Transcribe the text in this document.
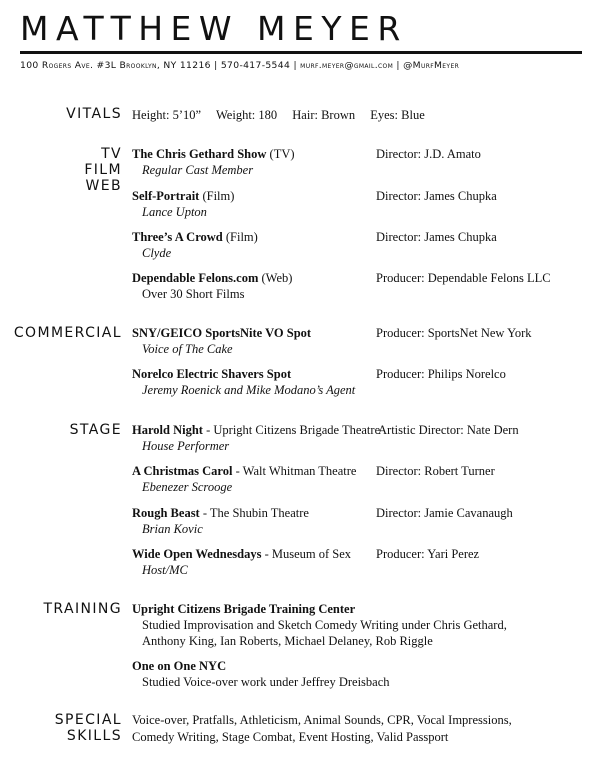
MATTHEW MEYER
100 Rogers Ave. #3L Brooklyn, NY 11216 | 570-417-5544 | murf.meyer@gmail.com | @MurfMeyer
VITALS Height: 5’10” Weight: 180 Hair: Brown Eyes: Blue
TV
FILM
WEB
The Chris Gethard Show (TV)
Regular Cast Member
Director: J.D. Amato
Self-Portrait (Film)
Lance Upton
Director: James Chupka
Three’s A Crowd (Film)
Clyde
Director: James Chupka
Dependable Felons.com (Web)
Over 30 Short Films
Producer: Dependable Felons LLC
COMMERCIAL SNY/GEICO SportsNite VO Spot
Voice of The Cake
Producer: SportsNet New York
Norelco Electric Shavers Spot
Jeremy Roenick and Mike Modano’s Agent
Producer: Philips Norelco
STAGE Harold Night - Upright Citizens Brigade Theatre
House Performer
Artistic Director: Nate Dern
A Christmas Carol - Walt Whitman Theatre
Ebenezer Scrooge
Director: Robert Turner
Rough Beast - The Shubin Theatre
Brian Kovic
Director: Jamie Cavanaugh
Wide Open Wednesdays - Museum of Sex
Host/MC
Producer: Yari Perez
TRAINING Upright Citizens Brigade Training Center
Studied Improvisation and Sketch Comedy Writing under Chris Gethard, Anthony King, Ian Roberts, Michael Delaney, Rob Riggle
One on One NYC
Studied Voice-over work under Jeffrey Dreisbach
SPECIAL
SKILLS
Voice-over, Pratfalls, Athleticism, Animal Sounds, CPR, Vocal Impressions, Comedy Writing, Stage Combat, Event Hosting, Valid Passport
